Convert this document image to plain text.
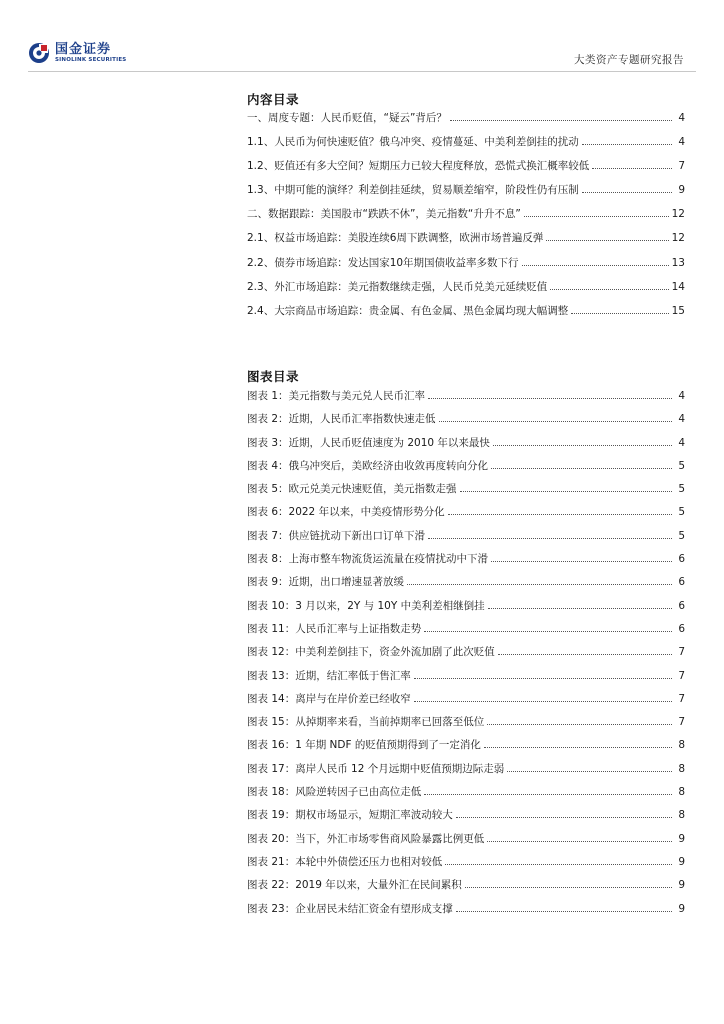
国金证券
SINOLINK SECURITIES	大类资产专题研究报告
内容目录
一、周度专题：人民币贬值，“疑云”背后？	4
1.1、人民币为何快速贬值？俄乌冲突、疫情蔓延、中美利差倒挂的扰动	4
1.2、贬值还有多大空间？短期压力已较大程度释放，恐慌式换汇概率较低	7
1.3、中期可能的演绎？利差倒挂延续，贸易顺差缩窄，阶段性仍有压制	9
二、数据跟踪：美国股市“跌跌不休”，美元指数“升升不息”	12
2.1、权益市场追踪：美股连续6周下跌调整，欧洲市场普遍反弹	12
2.2、债券市场追踪：发达国家10年期国债收益率多数下行	13
2.3、外汇市场追踪：美元指数继续走强，人民币兑美元延续贬值	14
2.4、大宗商品市场追踪：贵金属、有色金属、黑色金属均现大幅调整	15
图表目录
图表 1：美元指数与美元兑人民币汇率	4
图表 2：近期，人民币汇率指数快速走低	4
图表 3：近期，人民币贬值速度为 2010 年以来最快	4
图表 4：俄乌冲突后，美欧经济由收敛再度转向分化	5
图表 5：欧元兑美元快速贬值，美元指数走强	5
图表 6：2022 年以来，中美疫情形势分化	5
图表 7：供应链扰动下新出口订单下滑	5
图表 8：上海市整车物流货运流量在疫情扰动中下滑	6
图表 9：近期，出口增速显著放缓	6
图表 10：3 月以来，2Y 与 10Y 中美利差相继倒挂	6
图表 11：人民币汇率与上证指数走势	6
图表 12：中美利差倒挂下，资金外流加剧了此次贬值	7
图表 13：近期，结汇率低于售汇率	7
图表 14：离岸与在岸价差已经收窄	7
图表 15：从掉期率来看，当前掉期率已回落至低位	7
图表 16：1 年期 NDF 的贬值预期得到了一定消化	8
图表 17：离岸人民币 12 个月远期中贬值预期边际走弱	8
图表 18：风险逆转因子已由高位走低	8
图表 19：期权市场显示，短期汇率波动较大	8
图表 20：当下，外汇市场零售商风险暴露比例更低	9
图表 21：本轮中外债偿还压力也相对较低	9
图表 22：2019 年以来，大量外汇在民间累积	9
图表 23：企业居民未结汇资金有望形成支撑	9
